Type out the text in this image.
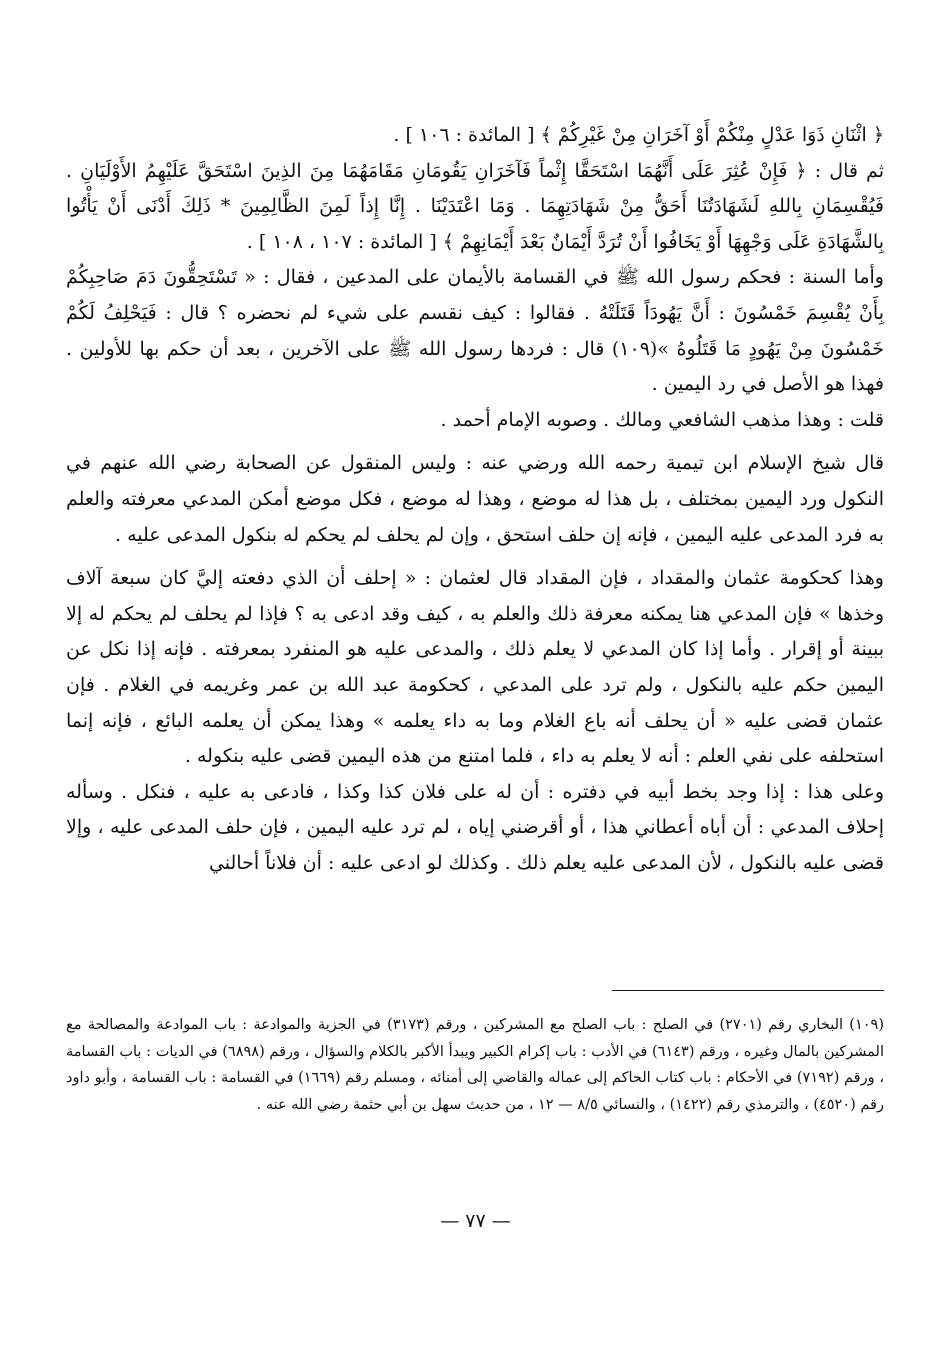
﴿ اثْنَانِ ذَوَا عَدْلٍ مِنْكُمْ أَوْ آخَرَانِ مِنْ غَيْرِكُمْ ﴾ [ المائدة : ١٠٦ ] .

ثم قال : ﴿ فَإِنْ عُثِرَ عَلَى أَنَّهُمَا اسْتَحَقَّا إِثْماً فَآخَرَانِ يَقُومَانِ مَقَامَهُمَا مِنَ الذِينَ اسْتَحَقَّ عَلَيْهِمُ الأَوْلَيَانِ . فَيُقْسِمَانِ بِاللهِ لَشَهَادَتُنَا أَحَقُّ مِنْ شَهَادَتِهِمَا . وَمَا اعْتَدَيْنَا . إِنَّا إِذاً لَمِنَ الظَّالِمِينَ * ذَلِكَ أَدْنَى أَنْ يَأْتُوا بِالشَّهَادَةِ عَلَى وَجْهِهَا أَوْ يَخَافُوا أَنْ تُرَدَّ أَيْمَانٌ بَعْدَ أَيْمَانِهِمْ ﴾ [ المائدة : ١٠٧ ، ١٠٨ ] .

وأما السنة : فحكم رسول الله ﷺ في القسامة بالأيمان على المدعين ، فقال : « تَسْتَحِقُّونَ دَمَ صَاحِبِكُمْ بِأَنْ يُقْسِمَ خَمْسُونَ : أَنَّ يَهُودَاً قَتَلَتْهُ . فقالوا : كيف نقسم على شيء لم نحضره ؟ قال : فَيَحْلِفُ لَكُمْ خَمْسُونَ مِنْ يَهُودٍ مَا قَتَلُوهُ »(١٠٩) قال : فردها رسول الله ﷺ على الآخرين ، بعد أن حكم بها للأولين . فهذا هو الأصل في رد اليمين .

قلت : وهذا مذهب الشافعي ومالك . وصوبه الإمام أحمد .

قال شيخ الإسلام ابن تيمية رحمه الله ورضي عنه : وليس المنقول عن الصحابة رضي الله عنهم في النكول ورد اليمين بمختلف ، بل هذا له موضع ، وهذا له موضع ، فكل موضع أمكن المدعي معرفته والعلم به فرد المدعى عليه اليمين ، فإنه إن حلف استحق ، وإن لم يحلف لم يحكم له بنكول المدعى عليه .

وهذا كحكومة عثمان والمقداد ، فإن المقداد قال لعثمان : « إحلف أن الذي دفعته إليَّ كان سبعة آلاف وخذها » فإن المدعي هنا يمكنه معرفة ذلك والعلم به ، كيف وقد ادعى به ؟ فإذا لم يحلف لم يحكم له إلا ببينة أو إقرار . وأما إذا كان المدعي لا يعلم ذلك ، والمدعى عليه هو المنفرد بمعرفته . فإنه إذا نكل عن اليمين حكم عليه بالنكول ، ولم ترد على المدعي ، كحكومة عبد الله بن عمر وغريمه في الغلام . فإن عثمان قضى عليه « أن يحلف أنه باع الغلام وما به داء يعلمه » وهذا يمكن أن يعلمه البائع ، فإنه إنما استحلفه على نفي العلم : أنه لا يعلم به داء ، فلما امتنع من هذه اليمين قضى عليه بنكوله .

وعلى هذا : إذا وجد بخط أبيه في دفتره : أن له على فلان كذا وكذا ، فادعى به عليه ، فنكل . وسأله إحلاف المدعي : أن أباه أعطاني هذا ، أو أقرضني إياه ، لم ترد عليه اليمين ، فإن حلف المدعى عليه ، وإلا قضى عليه بالنكول ، لأن المدعى عليه يعلم ذلك . وكذلك لو ادعى عليه : أن فلاناً أحالني

(١٠٩) البخاري رقم (٢٧٠١) في الصلح : باب الصلح مع المشركين ، ورقم (٣١٧٣) في الجزية والموادعة : باب الموادعة والمصالحة مع المشركين بالمال وغيره ، ورقم (٦١٤٣) في الأدب : باب إكرام الكبير ويبدأ الأكبر بالكلام والسؤال ، ورقم (٦٨٩٨) في الديات : باب القسامة ، ورقم (٧١٩٢) في الأحكام : باب كتاب الحاكم إلى عماله والقاضي إلى أمنائه ، ومسلم رقم (١٦٦٩) في القسامة : باب القسامة ، وأبو داود رقم (٤٥٢٠) ، والترمذي رقم (١٤٢٢) ، والنسائي ٨/٥ — ١٢ ، من حديث سهل بن أبي حثمة رضي الله عنه .

— ٧٧ —
